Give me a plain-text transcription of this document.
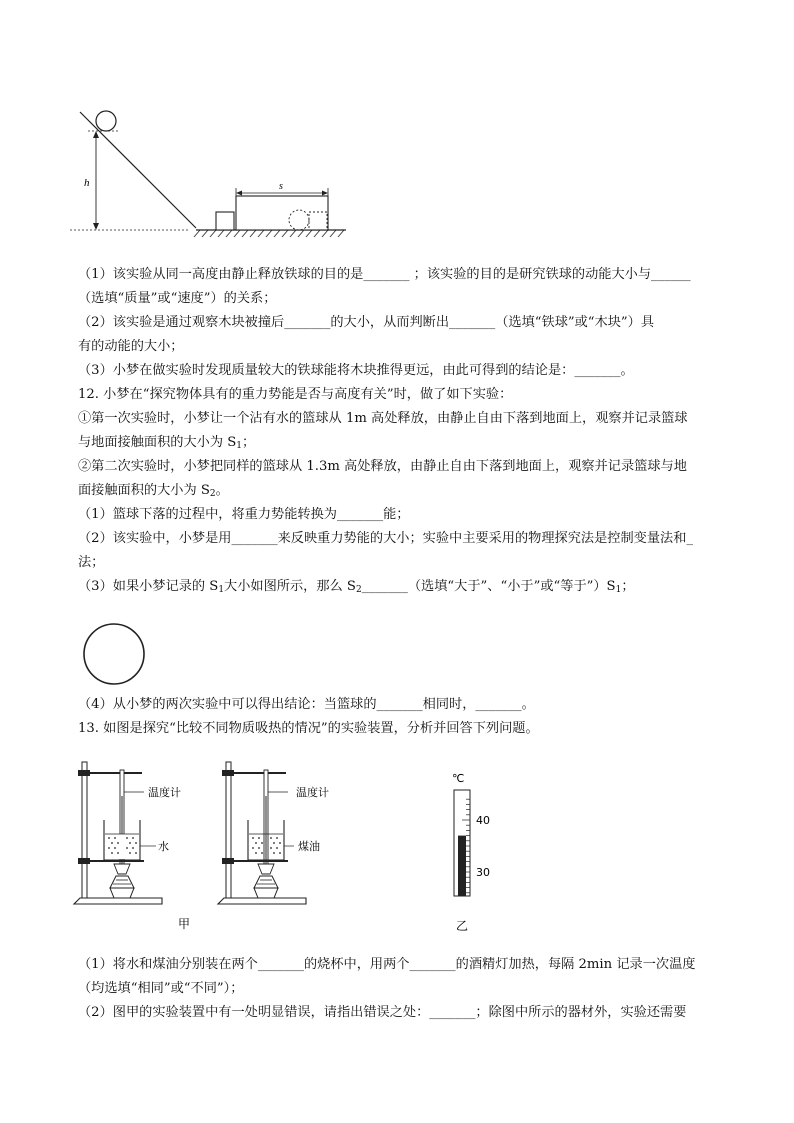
h	s
（1）该实验从同一高度由静止释放铁球的目的是_______ ；该实验的目的是研究铁球的动能大小与______
（选填“质量”或“速度”）的关系；
（2）该实验是通过观察木块被撞后_______的大小，从而判断出_______（选填“铁球”或“木块”）具
有的动能的大小；
（3）小梦在做实验时发现质量较大的铁球能将木块推得更远，由此可得到的结论是：_______。
12. 小梦在“探究物体具有的重力势能是否与高度有关”时，做了如下实验：
①第一次实验时，小梦让一个沾有水的篮球从 1m 高处释放，由静止自由下落到地面上，观察并记录篮球
与地面接触面积的大小为 $S_1$；
②第二次实验时，小梦把同样的篮球从 1.3m 高处释放，由静止自由下落到地面上，观察并记录篮球与地
面接触面积的大小为 $S_2$。
（1）篮球下落的过程中，将重力势能转换为_______能；
（2）该实验中，小梦是用_______来反映重力势能的大小；实验中主要采用的物理探究法是控制变量法和_
法；
（3）如果小梦记录的 $S_1$大小如图所示，那么 $S_2\_\_\_\_\_\_\_$（选填“大于”、“小于”或“等于$”)S_1$；
（4）从小梦的两次实验中可以得出结论：当篮球的_______相同时，_______。
13. 如图是探究“比较不同物质吸热的情况”的实验装置，分析并回答下列问题。
温度计
水
温度计
煤油
甲
℃
40
30
乙
（1）将水和煤油分别装在两个_______的烧杯中，用两个_______的酒精灯加热，每隔 2min 记录一次温度
（均选填“相同”或“不同”）；
（2）图甲的实验装置中有一处明显错误，请指出错误之处：_______；除图中所示的器材外，实验还需要
